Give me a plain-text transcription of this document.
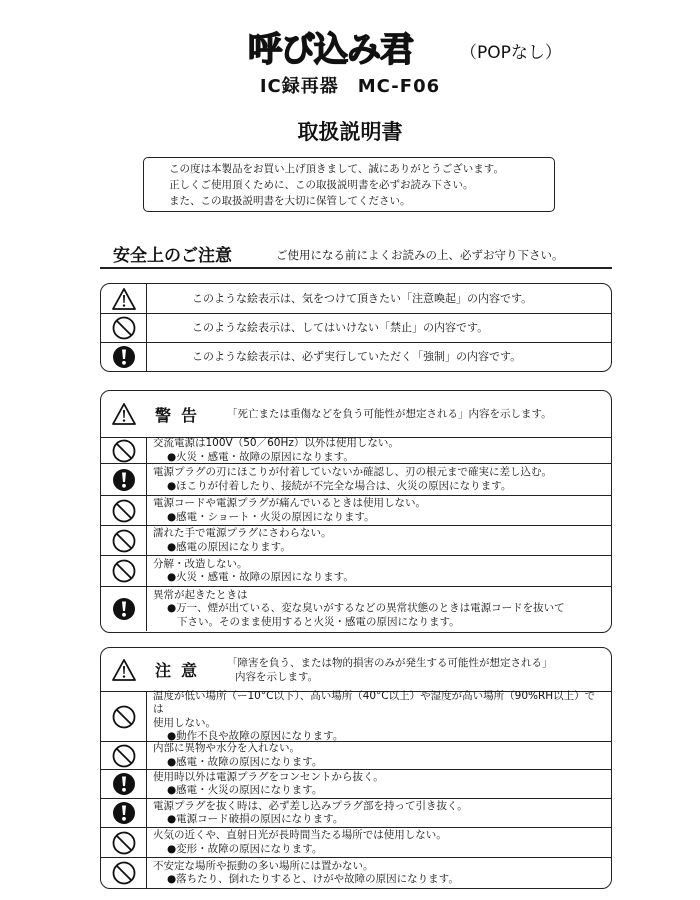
呼び込み君	（POPなし）
IC録再器　MC-F06
取扱説明書
この度は本製品をお買い上げ頂きまして、誠にありがとうございます。
正しくご使用頂くために、この取扱説明書を必ずお読み下さい。
また、この取扱説明書を大切に保管してください。
安全上のご注意	ご使用になる前によくお読みの上、必ずお守り下さい。
このような絵表示は、気をつけて頂きたい「注意喚起」の内容です。
このような絵表示は、してはいけない「禁止」の内容です。
このような絵表示は、必ず実行していただく「強制」の内容です。
警告	「死亡または重傷などを負う可能性が想定される」内容を示します。
交流電源は100V（50／60Hz）以外は使用しない。
●火災・感電・故障の原因になります。
電源プラグの刃にほこりが付着していないか確認し、刃の根元まで確実に差し込む。
●ほこりが付着したり、接続が不完全な場合は、火災の原因になります。
電源コードや電源プラグが痛んでいるときは使用しない。
●感電・ショート・火災の原因になります。
濡れた手で電源プラグにさわらない。
●感電の原因になります。
分解・改造しない。
●火災・感電・故障の原因になります。
異常が起きたときは
●万一、煙が出ている、変な臭いがするなどの異常状態のときは電源コードを抜いて
下さい。そのまま使用すると火災・感電の原因になります。
注意	「障害を負う、または物的損害のみが発生する可能性が想定される」
内容を示します。
温度が低い場所（ー10°C以下）、高い場所（40°C以上）や湿度が高い場所（90%RH以上）では
使用しない。
●動作不良や故障の原因になります。
内部に異物や水分を入れない。
●感電・故障の原因になります。
使用時以外は電源プラグをコンセントから抜く。
●感電・火災の原因になります。
電源プラグを抜く時は、必ず差し込みプラグ部を持って引き抜く。
●電源コード破損の原因になります。
火気の近くや、直射日光が長時間当たる場所では使用しない。
●変形・故障の原因になります。
不安定な場所や振動の多い場所には置かない。
●落ちたり、倒れたりすると、けがや故障の原因になります。
